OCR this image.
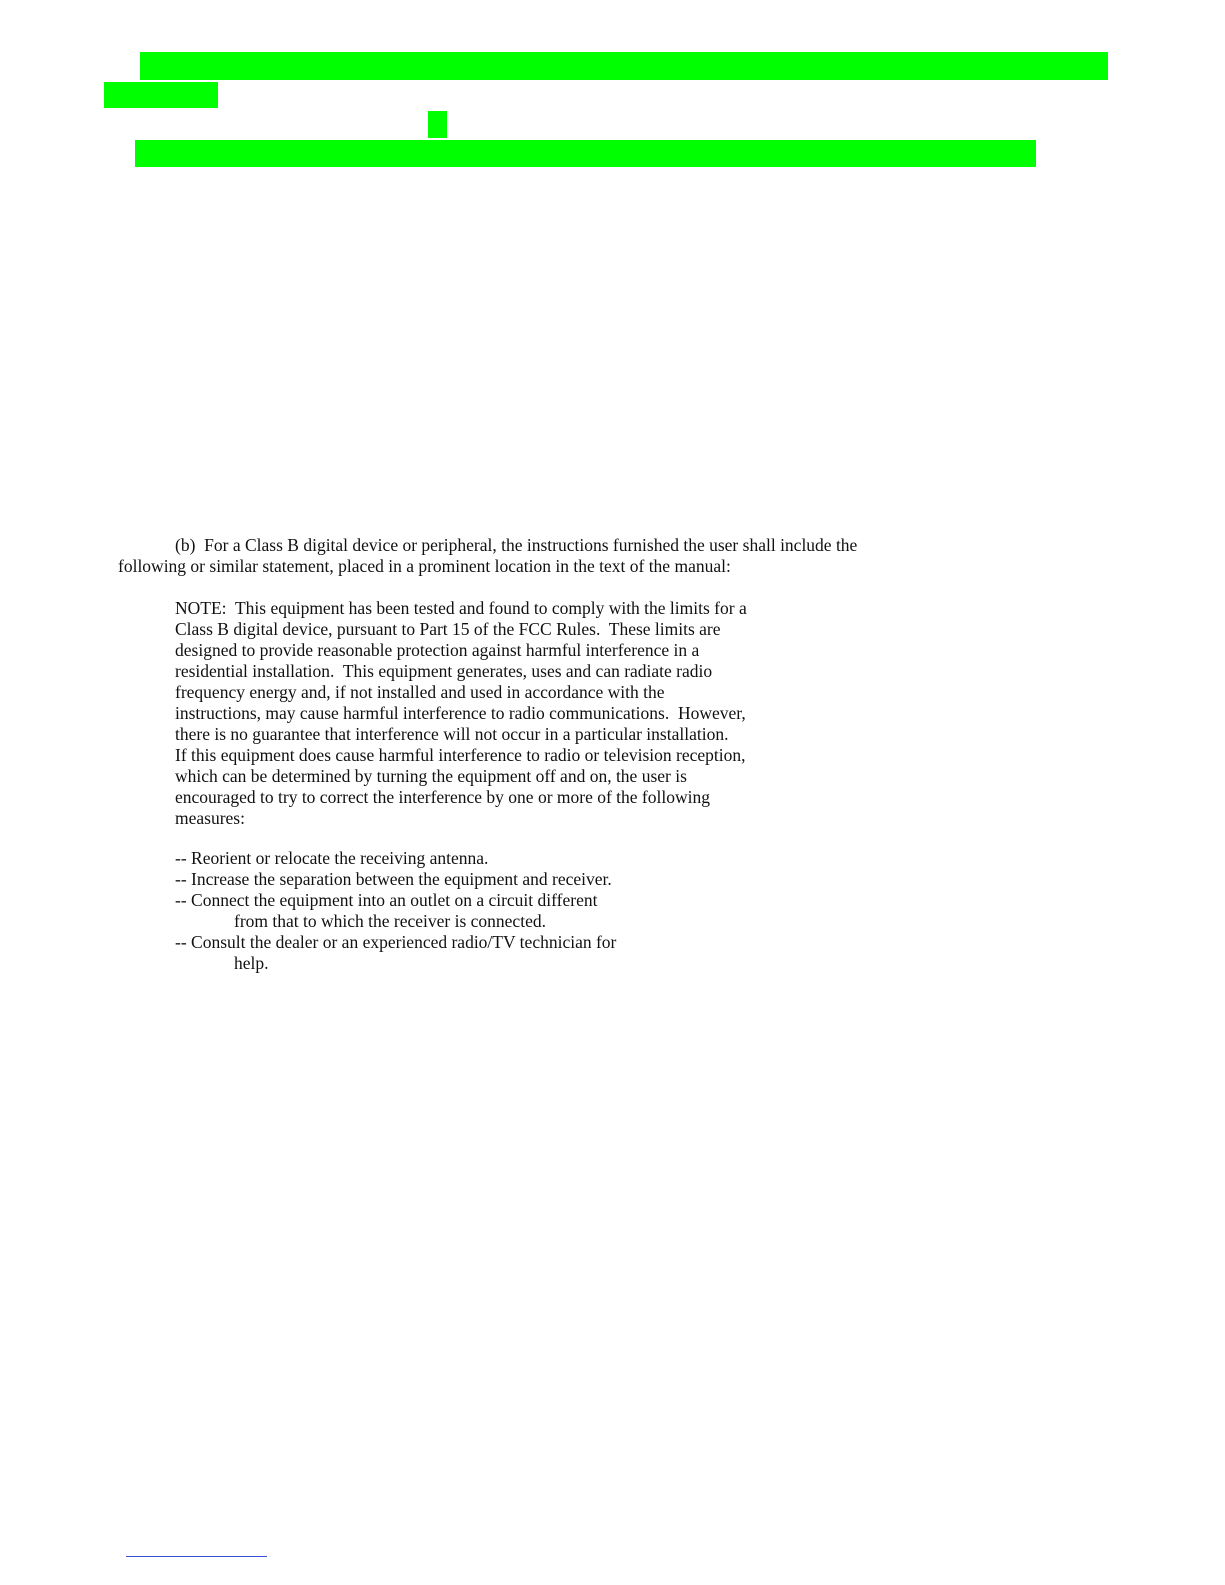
(b)  For a Class B digital device or peripheral, the instructions furnished the user shall include the

following or similar statement, placed in a prominent location in the text of the manual:

NOTE:  This equipment has been tested and found to comply with the limits for a

Class B digital device, pursuant to Part 15 of the FCC Rules.  These limits are

designed to provide reasonable protection against harmful interference in a

residential installation.  This equipment generates, uses and can radiate radio

frequency energy and, if not installed and used in accordance with the

instructions, may cause harmful interference to radio communications.  However,

there is no guarantee that interference will not occur in a particular installation.

If this equipment does cause harmful interference to radio or television reception,

which can be determined by turning the equipment off and on, the user is

encouraged to try to correct the interference by one or more of the following

measures:

-- Reorient or relocate the receiving antenna.

-- Increase the separation between the equipment and receiver.

-- Connect the equipment into an outlet on a circuit different

from that to which the receiver is connected.

-- Consult the dealer or an experienced radio/TV technician for

help.
